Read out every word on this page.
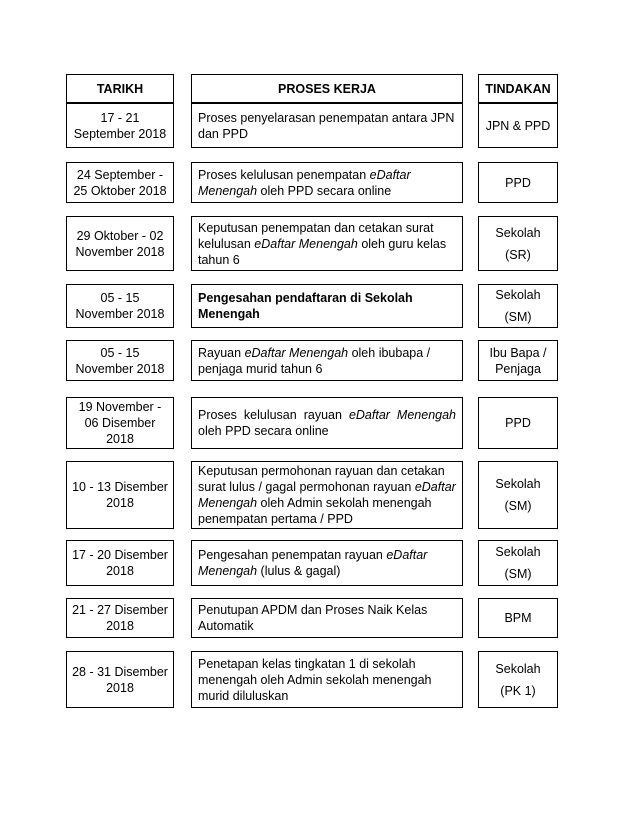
TARIKH	PROSES KERJA	TINDAKAN
17 - 21
September 2018
Proses penyelarasan penempatan antara JPN dan PPD
JPN & PPD
24 September -
25 Oktober 2018
Proses kelulusan penempatan eDaftar Menengah oleh PPD secara online
PPD
29 Oktober - 02
November 2018
Keputusan penempatan dan cetakan surat kelulusan eDaftar Menengah oleh guru kelas tahun 6
Sekolah
(SR)
05 - 15
November 2018
Pengesahan pendaftaran di Sekolah Menengah
Sekolah
(SM)
05 - 15
November 2018
Rayuan eDaftar Menengah oleh ibubapa / penjaga murid tahun 6
Ibu Bapa /
Penjaga
19 November -
06 Disember
2018
Proses kelulusan rayuan eDaftar Menengah oleh PPD secara online
PPD
10 - 13 Disember
2018
Keputusan permohonan rayuan dan cetakan surat lulus / gagal permohonan rayuan eDaftar Menengah oleh Admin sekolah menengah penempatan pertama / PPD
Sekolah
(SM)
17 - 20 Disember
2018
Pengesahan penempatan rayuan eDaftar Menengah (lulus & gagal)
Sekolah
(SM)
21 - 27 Disember
2018
Penutupan APDM dan Proses Naik Kelas Automatik
BPM
28 - 31 Disember
2018
Penetapan kelas tingkatan 1 di sekolah menengah oleh Admin sekolah menengah murid diluluskan
Sekolah
(PK 1)
